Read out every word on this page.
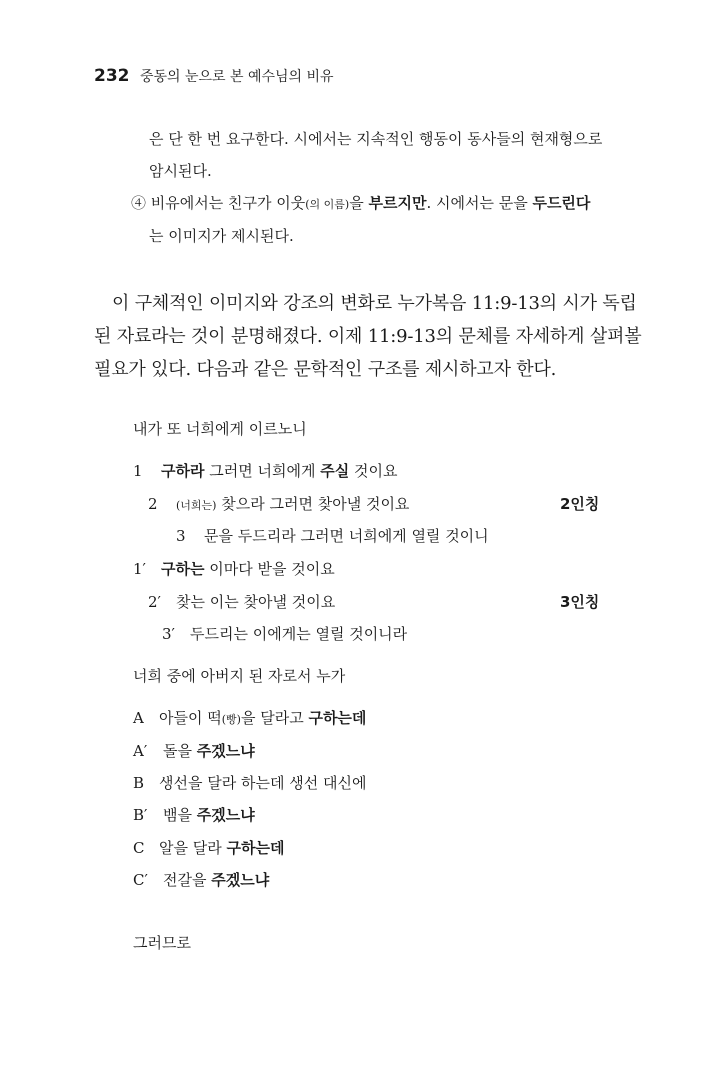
232 중동의 눈으로 본 예수님의 비유
은 단 한 번 요구한다. 시에서는 지속적인 행동이 동사들의 현재형으로
암시된다.
④ 비유에서는 친구가 이웃(의 이름)을 부르지만. 시에서는 문을 두드린다
는 이미지가 제시된다.
이 구체적인 이미지와 강조의 변화로 누가복음 11:9-13의 시가 독립
된 자료라는 것이 분명해졌다. 이제 11:9-13의 문체를 자세하게 살펴볼
필요가 있다. 다음과 같은 문학적인 구조를 제시하고자 한다.
내가 또 너희에게 이르노니
1 구하라 그러면 너희에게 주실 것이요
2 (너희는) 찾으라 그러면 찾아낼 것이요	2인칭
3 문을 두드리라 그러면 너희에게 열릴 것이니
1′ 구하는 이마다 받을 것이요
2′ 찾는 이는 찾아낼 것이요	3인칭
3′ 두드리는 이에게는 열릴 것이니라
너희 중에 아버지 된 자로서 누가
A 아들이 떡(빵)을 달라고 구하는데
A′ 돌을 주겠느냐
B 생선을 달라 하는데 생선 대신에
B′ 뱀을 주겠느냐
C 알을 달라 구하는데
C′ 전갈을 주겠느냐
그러므로
